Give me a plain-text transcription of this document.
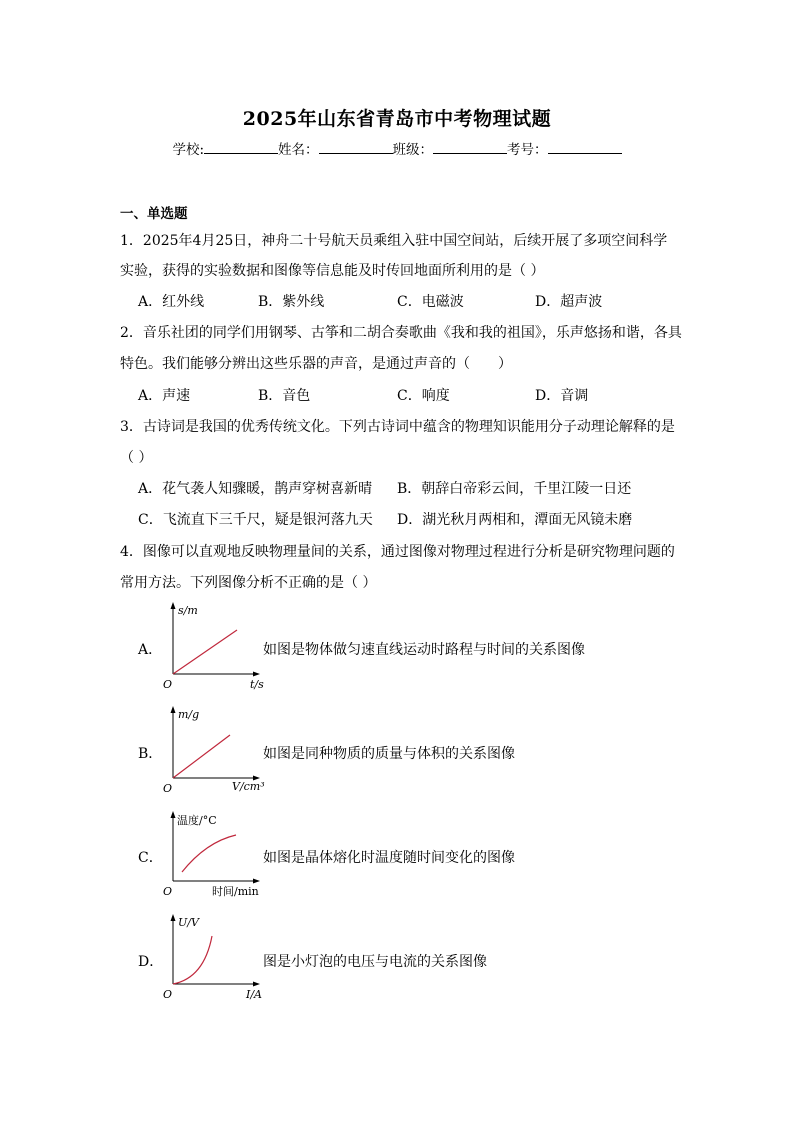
2025年山东省青岛市中考物理试题
学校:	姓名：	班级：	考号：
一、单选题
1．2025年4月25日，神舟二十号航天员乘组入驻中国空间站，后续开展了多项空间科学
实验，获得的实验数据和图像等信息能及时传回地面所利用的是（ ）
A．红外线	B．紫外线	C．电磁波	D．超声波
2．音乐社团的同学们用钢琴、古筝和二胡合奏歌曲《我和我的祖国》，乐声悠扬和谐，各具
特色。我们能够分辨出这些乐器的声音，是通过声音的（　　）
A．声速	B．音色	C．响度	D．音调
3．古诗词是我国的优秀传统文化。下列古诗词中蕴含的物理知识能用分子动理论解释的是
（ ）
A．花气袭人知骤暖，鹊声穿树喜新晴 B．朝辞白帝彩云间，千里江陵一日还
C．飞流直下三千尺，疑是银河落九天 D．湖光秋月两相和，潭面无风镜未磨
4．图像可以直观地反映物理量间的关系，通过图像对物理过程进行分析是研究物理问题的
常用方法。下列图像分析不正确的是（ ）
A．
s/m
t/s
O
如图是物体做匀速直线运动时路程与时间的关系图像
B．
m/g
V/cm³
O
如图是同种物质的质量与体积的关系图像
C．
温度/°C
时间/min
O
如图是晶体熔化时温度随时间变化的图像
D．
U/V
I/A
O
图是小灯泡的电压与电流的关系图像
